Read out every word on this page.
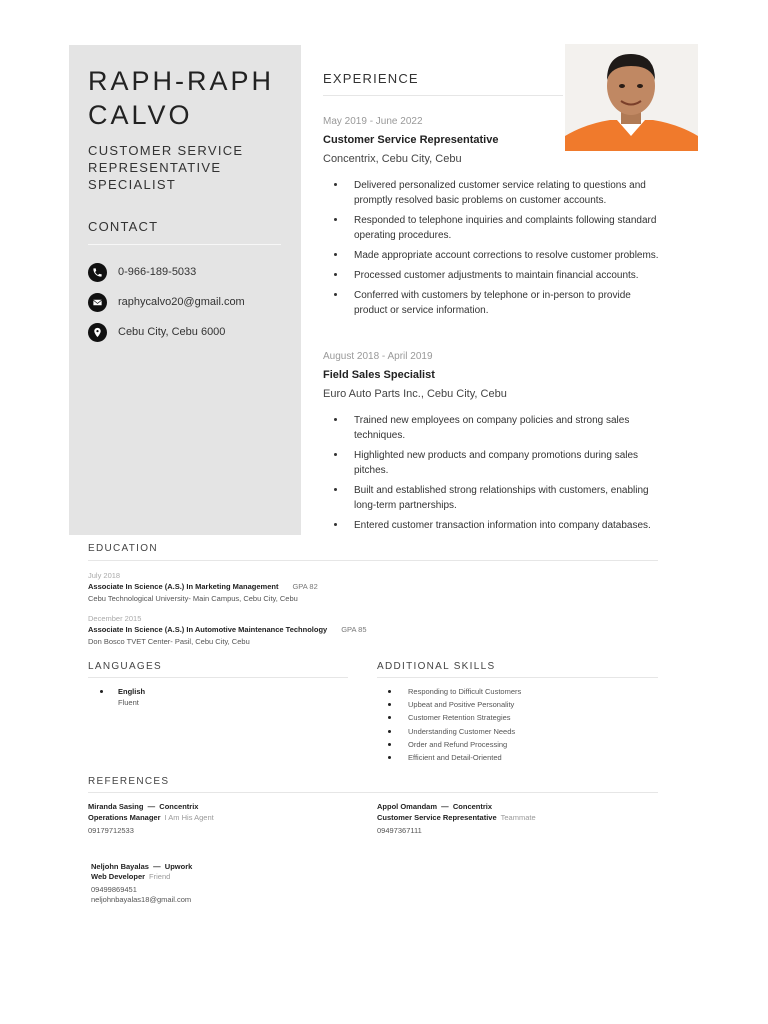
RAPH-RAPH
CALVO
CUSTOMER SERVICE REPRESENTATIVE SPECIALIST
CONTACT
0-966-189-5033
raphycalvo20@gmail.com
Cebu City, Cebu 6000
EXPERIENCE
May 2019 - June 2022
Customer Service Representative
Concentrix, Cebu City, Cebu
Delivered personalized customer service relating to questions and promptly resolved basic problems on customer accounts.
Responded to telephone inquiries and complaints following standard operating procedures.
Made appropriate account corrections to resolve customer problems.
Processed customer adjustments to maintain financial accounts.
Conferred with customers by telephone or in-person to provide product or service information.
August 2018 - April 2019
Field Sales Specialist
Euro Auto Parts Inc., Cebu City, Cebu
Trained new employees on company policies and strong sales techniques.
Highlighted new products and company promotions during sales pitches.
Built and established strong relationships with customers, enabling long-term partnerships.
Entered customer transaction information into company databases.
EDUCATION
July 2018
Associate In Science (A.S.) In Marketing Management GPA 82
Cebu Technological University- Main Campus, Cebu City, Cebu
December 2015
Associate In Science (A.S.) In Automotive Maintenance Technology GPA 85
Don Bosco TVET Center- Pasil, Cebu City, Cebu
LANGUAGES
English
Fluent
ADDITIONAL SKILLS
Responding to Difficult Customers
Upbeat and Positive Personality
Customer Retention Strategies
Understanding Customer Needs
Order and Refund Processing
Efficient and Detail-Oriented
REFERENCES
Miranda Sasing  —  Concentrix
Operations Manager I Am His Agent
09179712533
Appol Omandam  —  Concentrix
Customer Service Representative Teammate
09497367111
Neljohn Bayalas  —  Upwork
Web Developer Friend
09499869451
neljohnbayalas18@gmail.com
